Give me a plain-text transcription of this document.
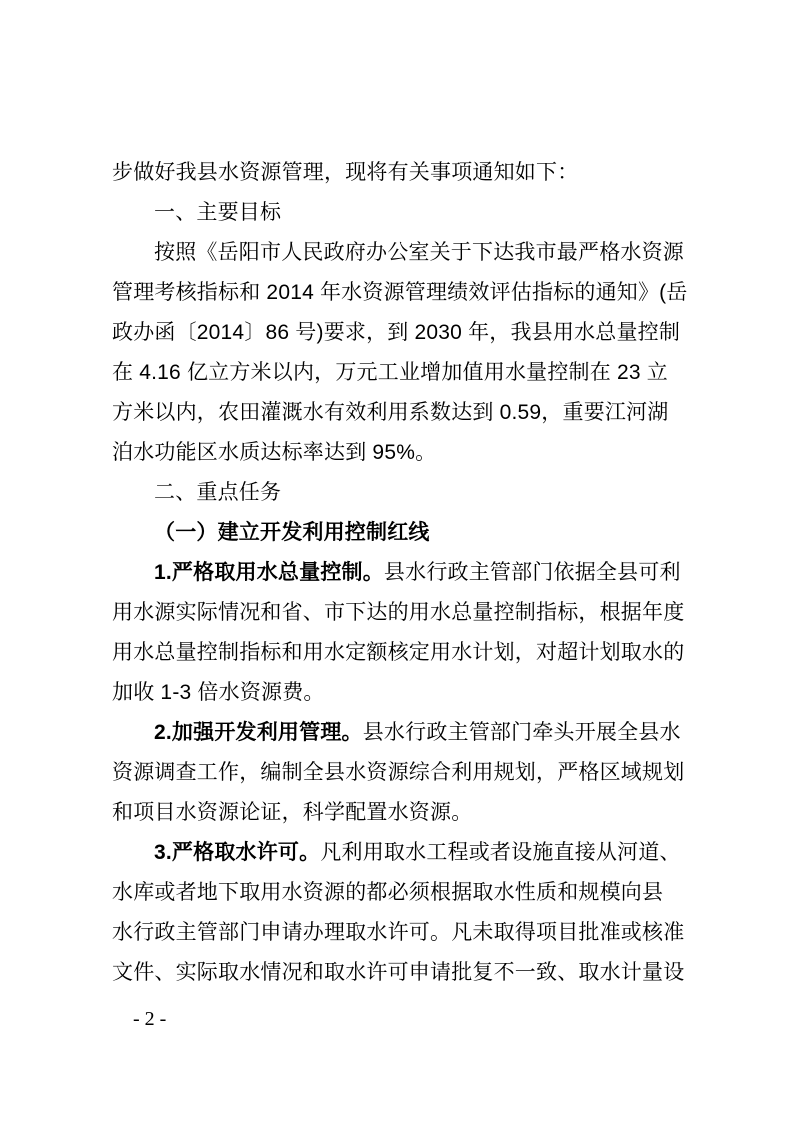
步做好我县水资源管理，现将有关事项通知如下：
一、主要目标
按照《岳阳市人民政府办公室关于下达我市最严格水资源
管理考核指标和 2014 年水资源管理绩效评估指标的通知》(岳
政办函〔2014〕86 号)要求，到 2030 年，我县用水总量控制
在 4.16 亿立方米以内，万元工业增加值用水量控制在 23 立
方米以内，农田灌溉水有效利用系数达到 0.59，重要江河湖
泊水功能区水质达标率达到 95%。
二、重点任务
（一）建立开发利用控制红线
1.严格取用水总量控制。县水行政主管部门依据全县可利
用水源实际情况和省、市下达的用水总量控制指标，根据年度
用水总量控制指标和用水定额核定用水计划，对超计划取水的
加收 1-3 倍水资源费。
2.加强开发利用管理。县水行政主管部门牵头开展全县水
资源调查工作，编制全县水资源综合利用规划，严格区域规划
和项目水资源论证，科学配置水资源。
3.严格取水许可。凡利用取水工程或者设施直接从河道、
水库或者地下取用水资源的都必须根据取水性质和规模向县
水行政主管部门申请办理取水许可。凡未取得项目批准或核准
文件、实际取水情况和取水许可申请批复不一致、取水计量设
- 2 -
